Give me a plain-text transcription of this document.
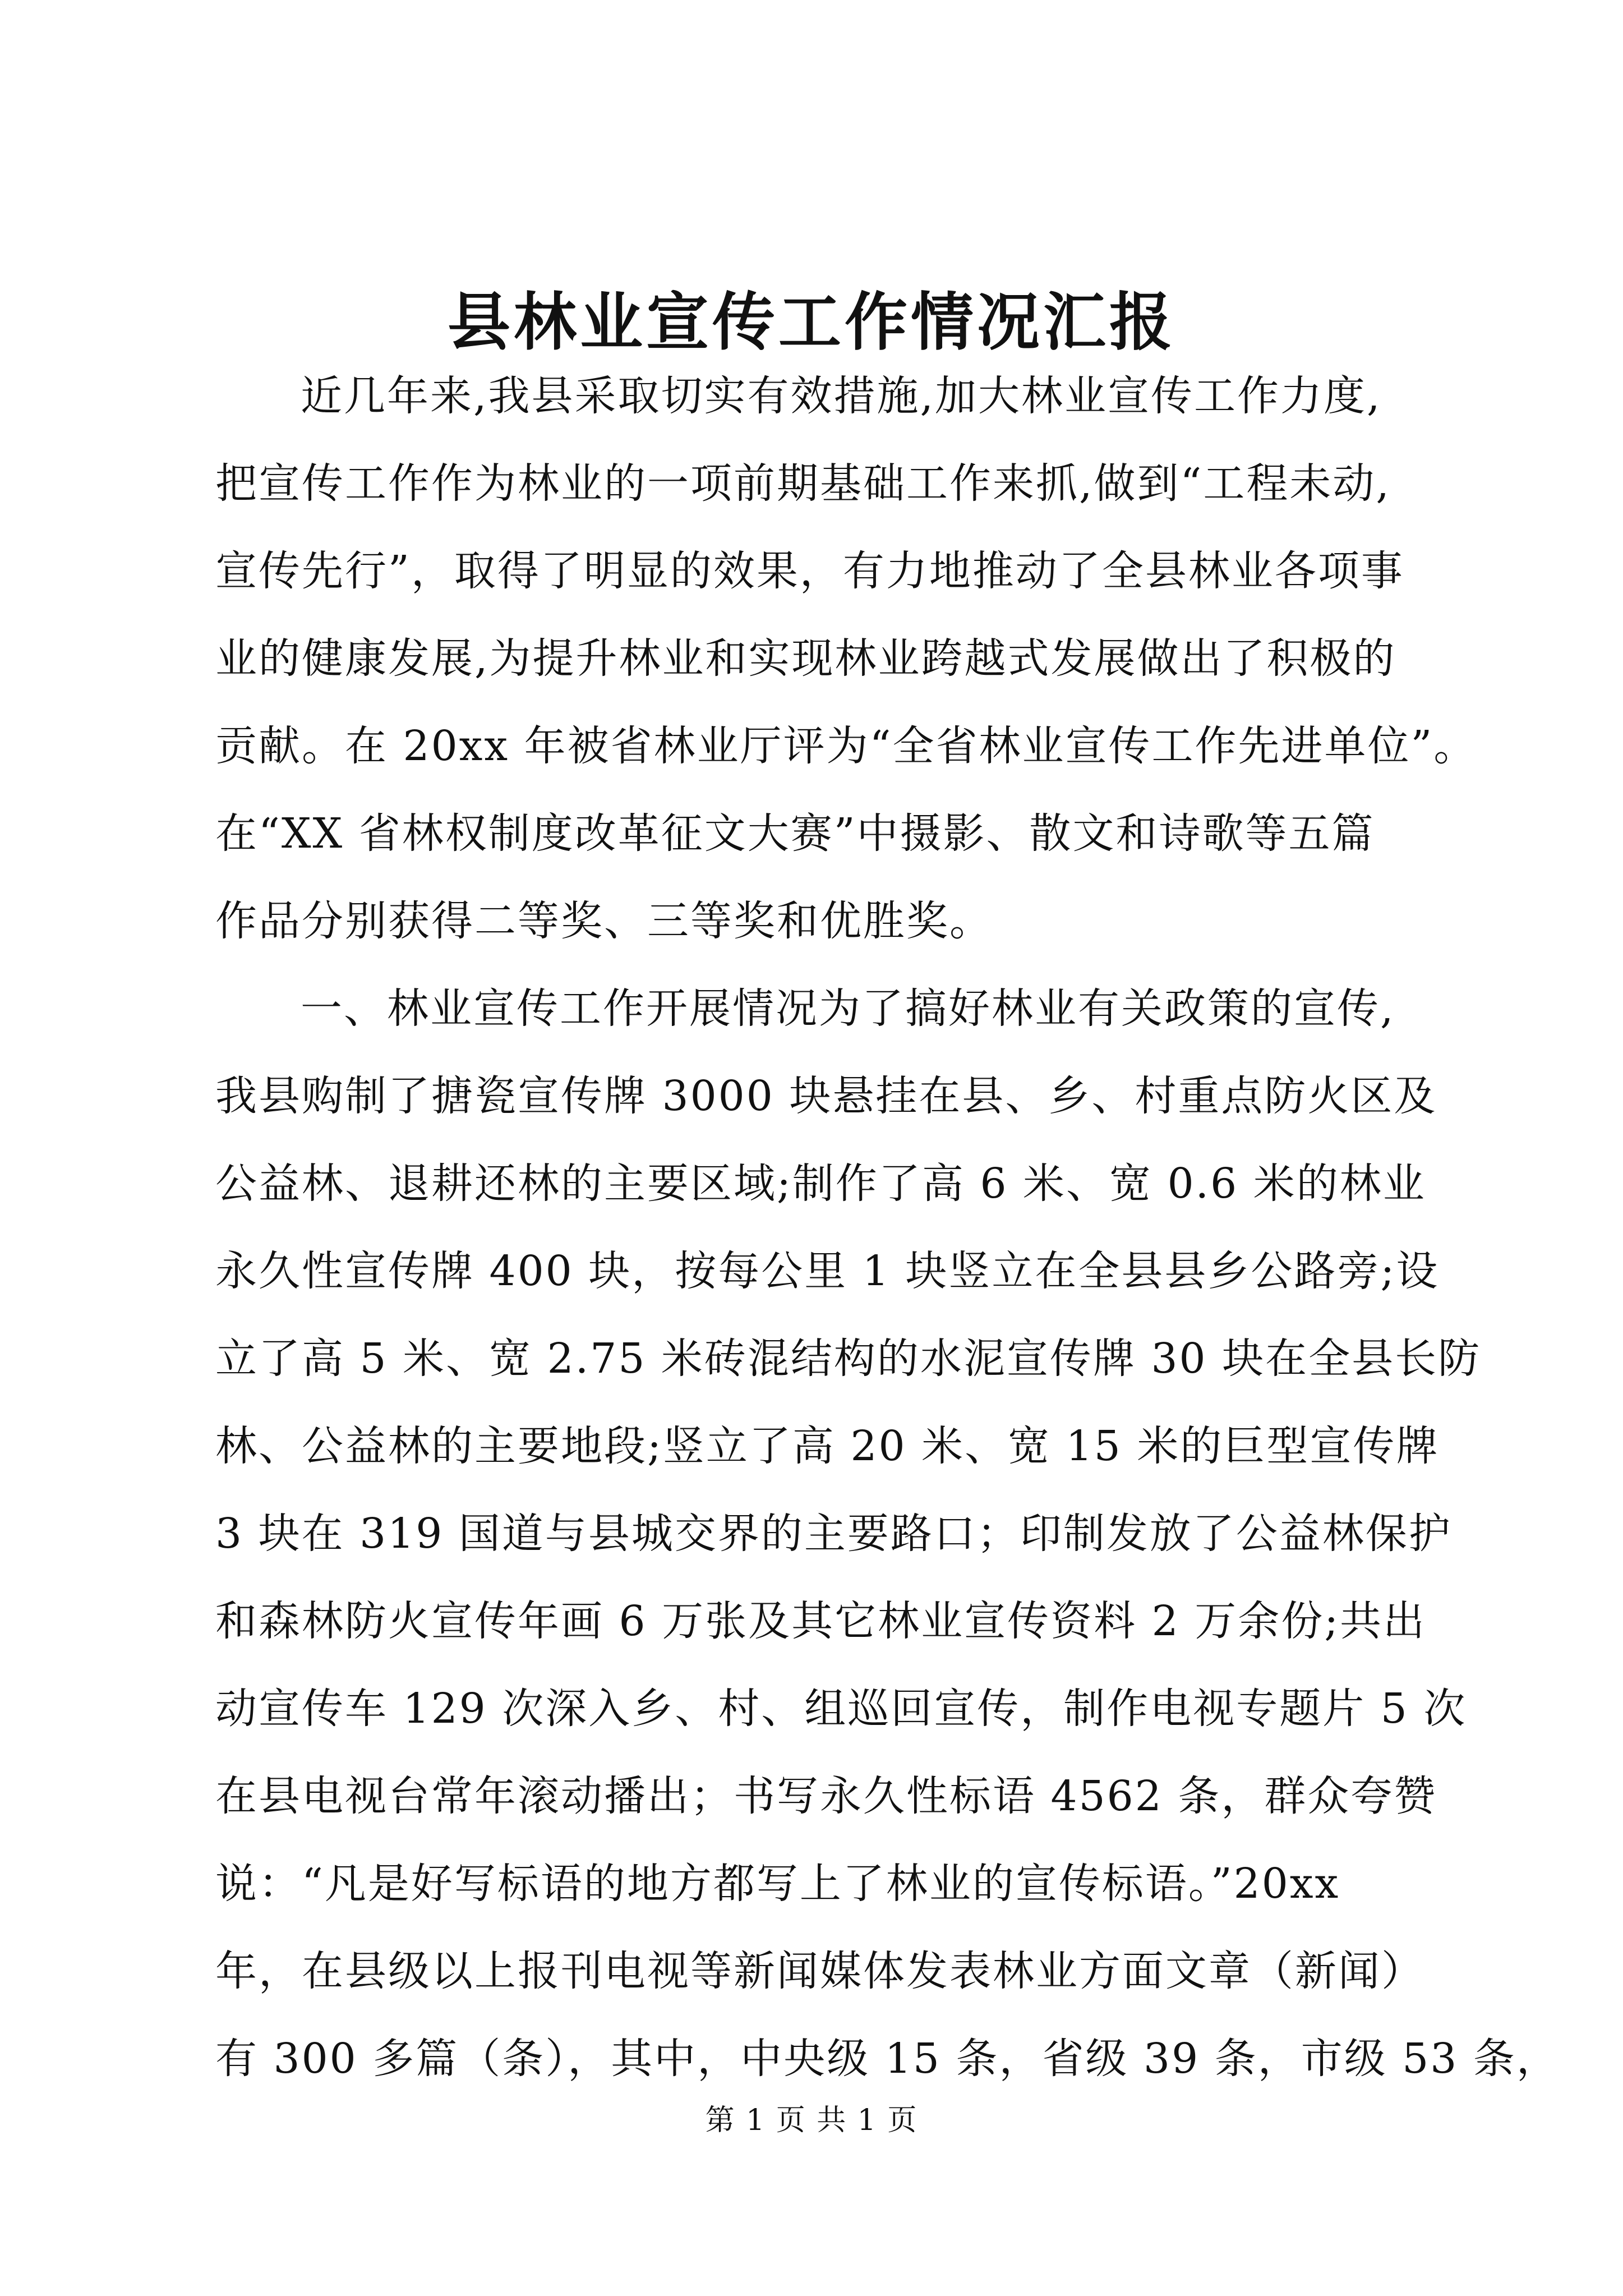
县林业宣传工作情况汇报
近几年来,我县采取切实有效措施,加大林业宣传工作力度,
把宣传工作作为林业的一项前期基础工作来抓,做到“工程未动,
宣传先行”，取得了明显的效果，有力地推动了全县林业各项事
业的健康发展,为提升林业和实现林业跨越式发展做出了积极的
贡献。在 20xx 年被省林业厅评为“全省林业宣传工作先进单位”。
在“XX 省林权制度改革征文大赛”中摄影、散文和诗歌等五篇
作品分别获得二等奖、三等奖和优胜奖。
一、林业宣传工作开展情况为了搞好林业有关政策的宣传,
我县购制了搪瓷宣传牌 3000 块悬挂在县、乡、村重点防火区及
公益林、退耕还林的主要区域;制作了高 6 米、宽 0.6 米的林业
永久性宣传牌 400 块，按每公里 1 块竖立在全县县乡公路旁;设
立了高 5 米、宽 2.75 米砖混结构的水泥宣传牌 30 块在全县长防
林、公益林的主要地段;竖立了高 20 米、宽 15 米的巨型宣传牌
3 块在 319 国道与县城交界的主要路口；印制发放了公益林保护
和森林防火宣传年画 6 万张及其它林业宣传资料 2 万余份;共出
动宣传车 129 次深入乡、村、组巡回宣传，制作电视专题片 5 次
在县电视台常年滚动播出；书写永久性标语 4562 条，群众夸赞
说：“凡是好写标语的地方都写上了林业的宣传标语。”20xx
年，在县级以上报刊电视等新闻媒体发表林业方面文章（新闻）
有 300 多篇（条），其中，中央级 15 条，省级 39 条，市级 53 条，
第 1 页 共 1 页
